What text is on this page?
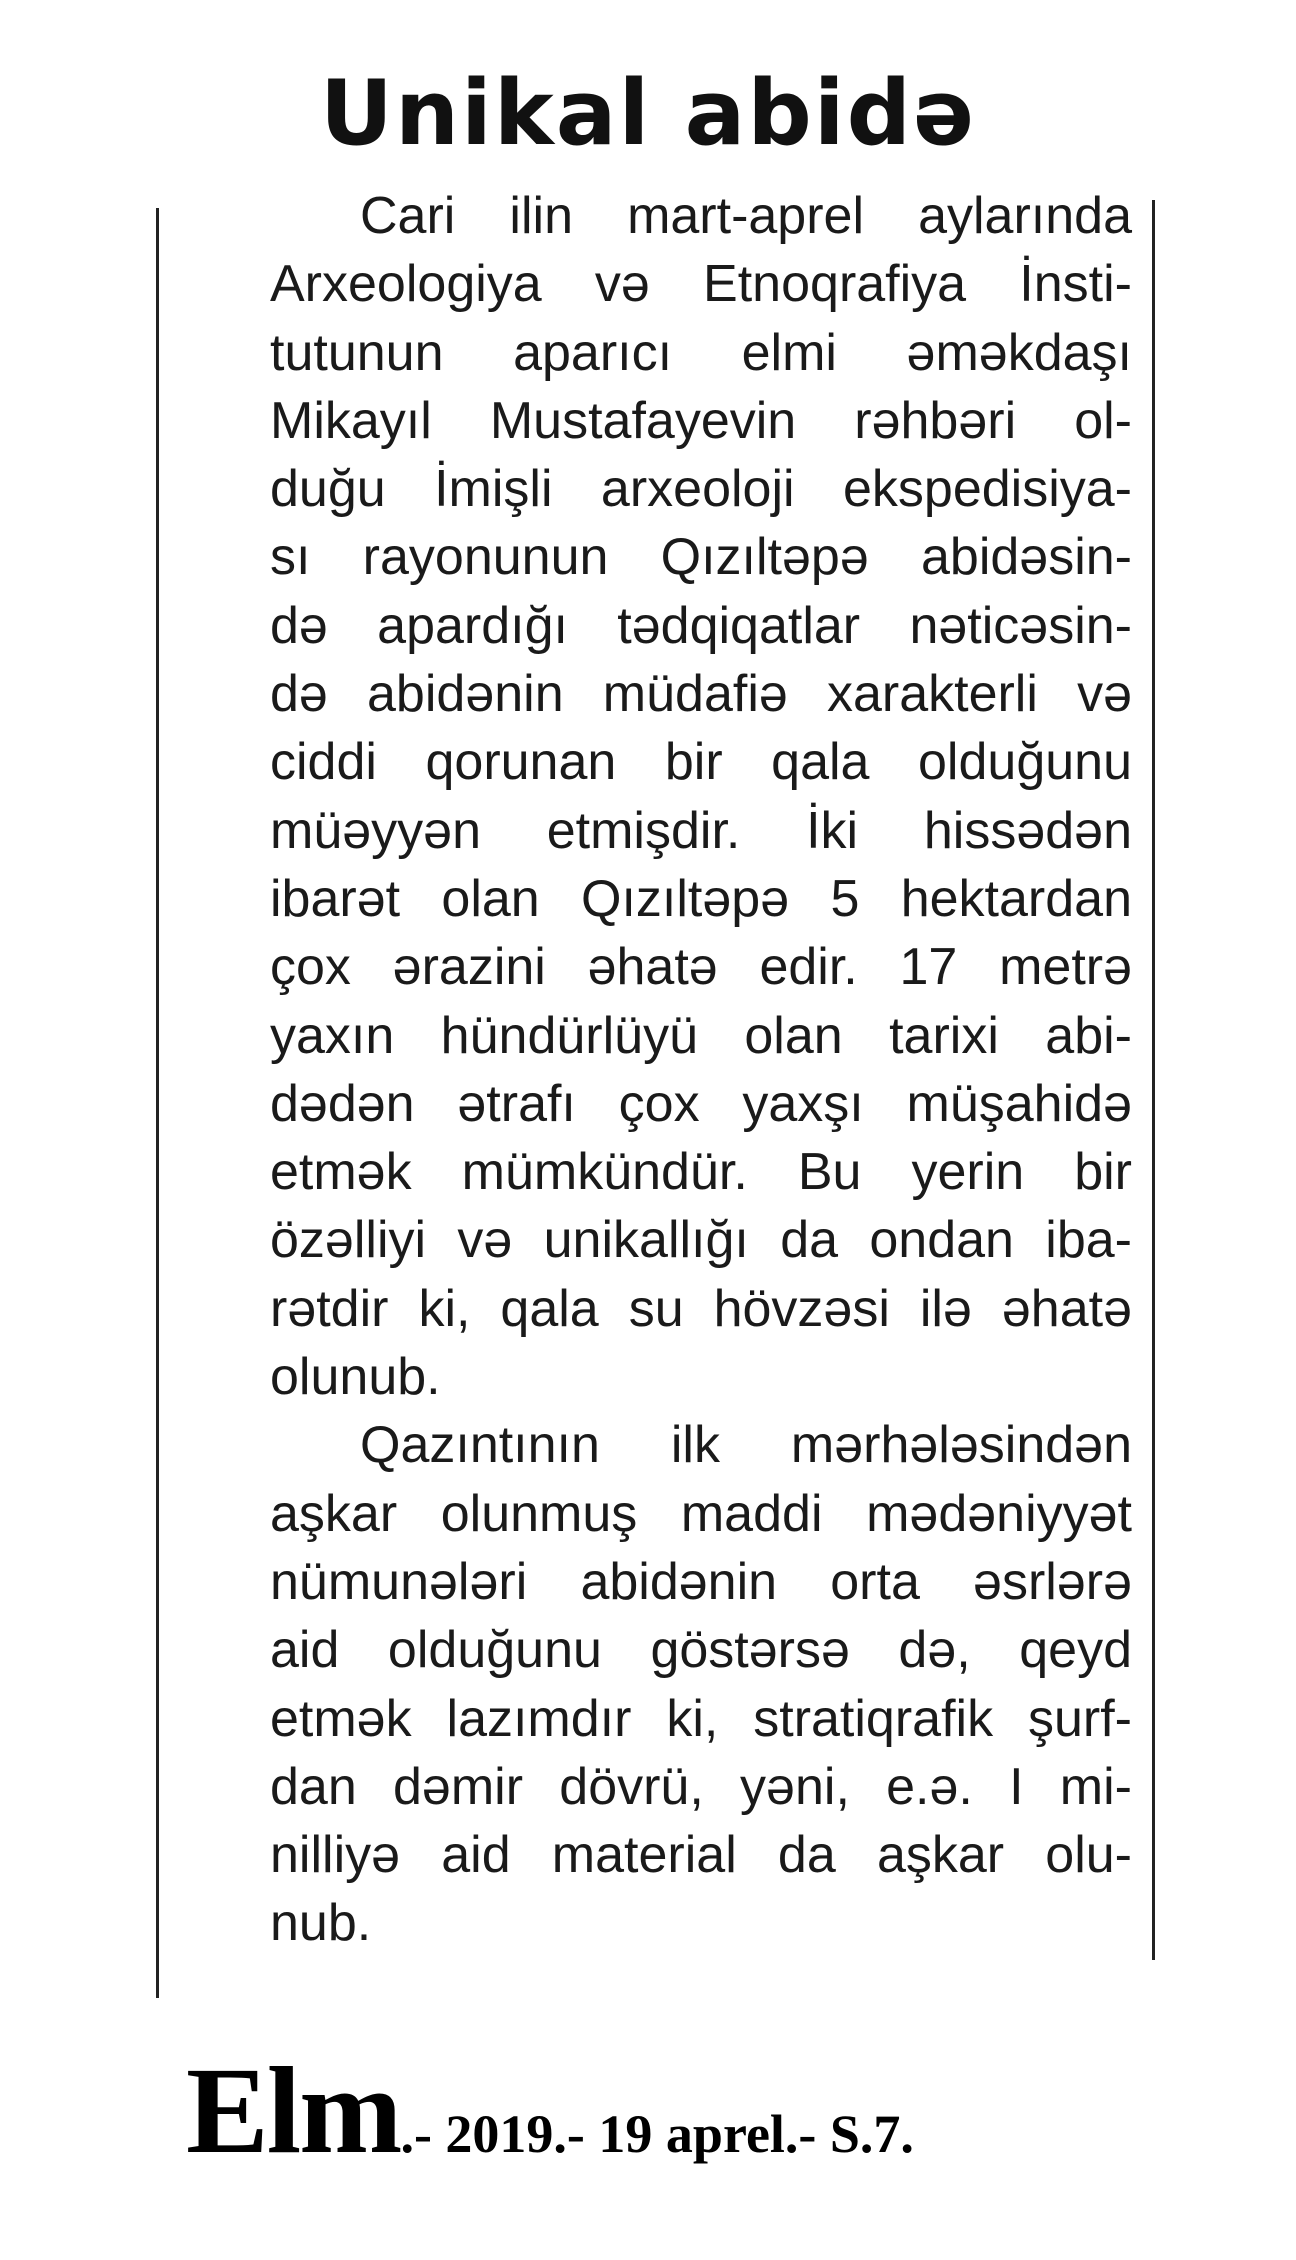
Unikal abidə
Cari ilin mart-aprel aylarında
Arxeologiya və Etnoqrafiya İnsti-
tutunun aparıcı elmi əməkdaşı
Mikayıl Mustafayevin rəhbəri ol-
duğu İmişli arxeoloji ekspedisiya-
sı rayonunun Qızıltəpə abidəsin-
də apardığı tədqiqatlar nəticəsin-
də abidənin müdafiə xarakterli və
ciddi qorunan bir qala olduğunu
müəyyən etmişdir. İki hissədən
ibarət olan Qızıltəpə 5 hektardan
çox ərazini əhatə edir. 17 metrə
yaxın hündürlüyü olan tarixi abi-
dədən ətrafı çox yaxşı müşahidə
etmək mümkündür. Bu yerin bir
özəlliyi və unikallığı da ondan iba-
rətdir ki, qala su hövzəsi ilə əhatə
olunub.
Qazıntının ilk mərhələsindən
aşkar olunmuş maddi mədəniyyət
nümunələri abidənin orta əsrlərə
aid olduğunu göstərsə də, qeyd
etmək lazımdır ki, stratiqrafik şurf-
dan dəmir dövrü, yəni, e.ə. I mi-
nilliyə aid material da aşkar olu-
nub.
Elm.- 2019.- 19 aprel.- S.7.
